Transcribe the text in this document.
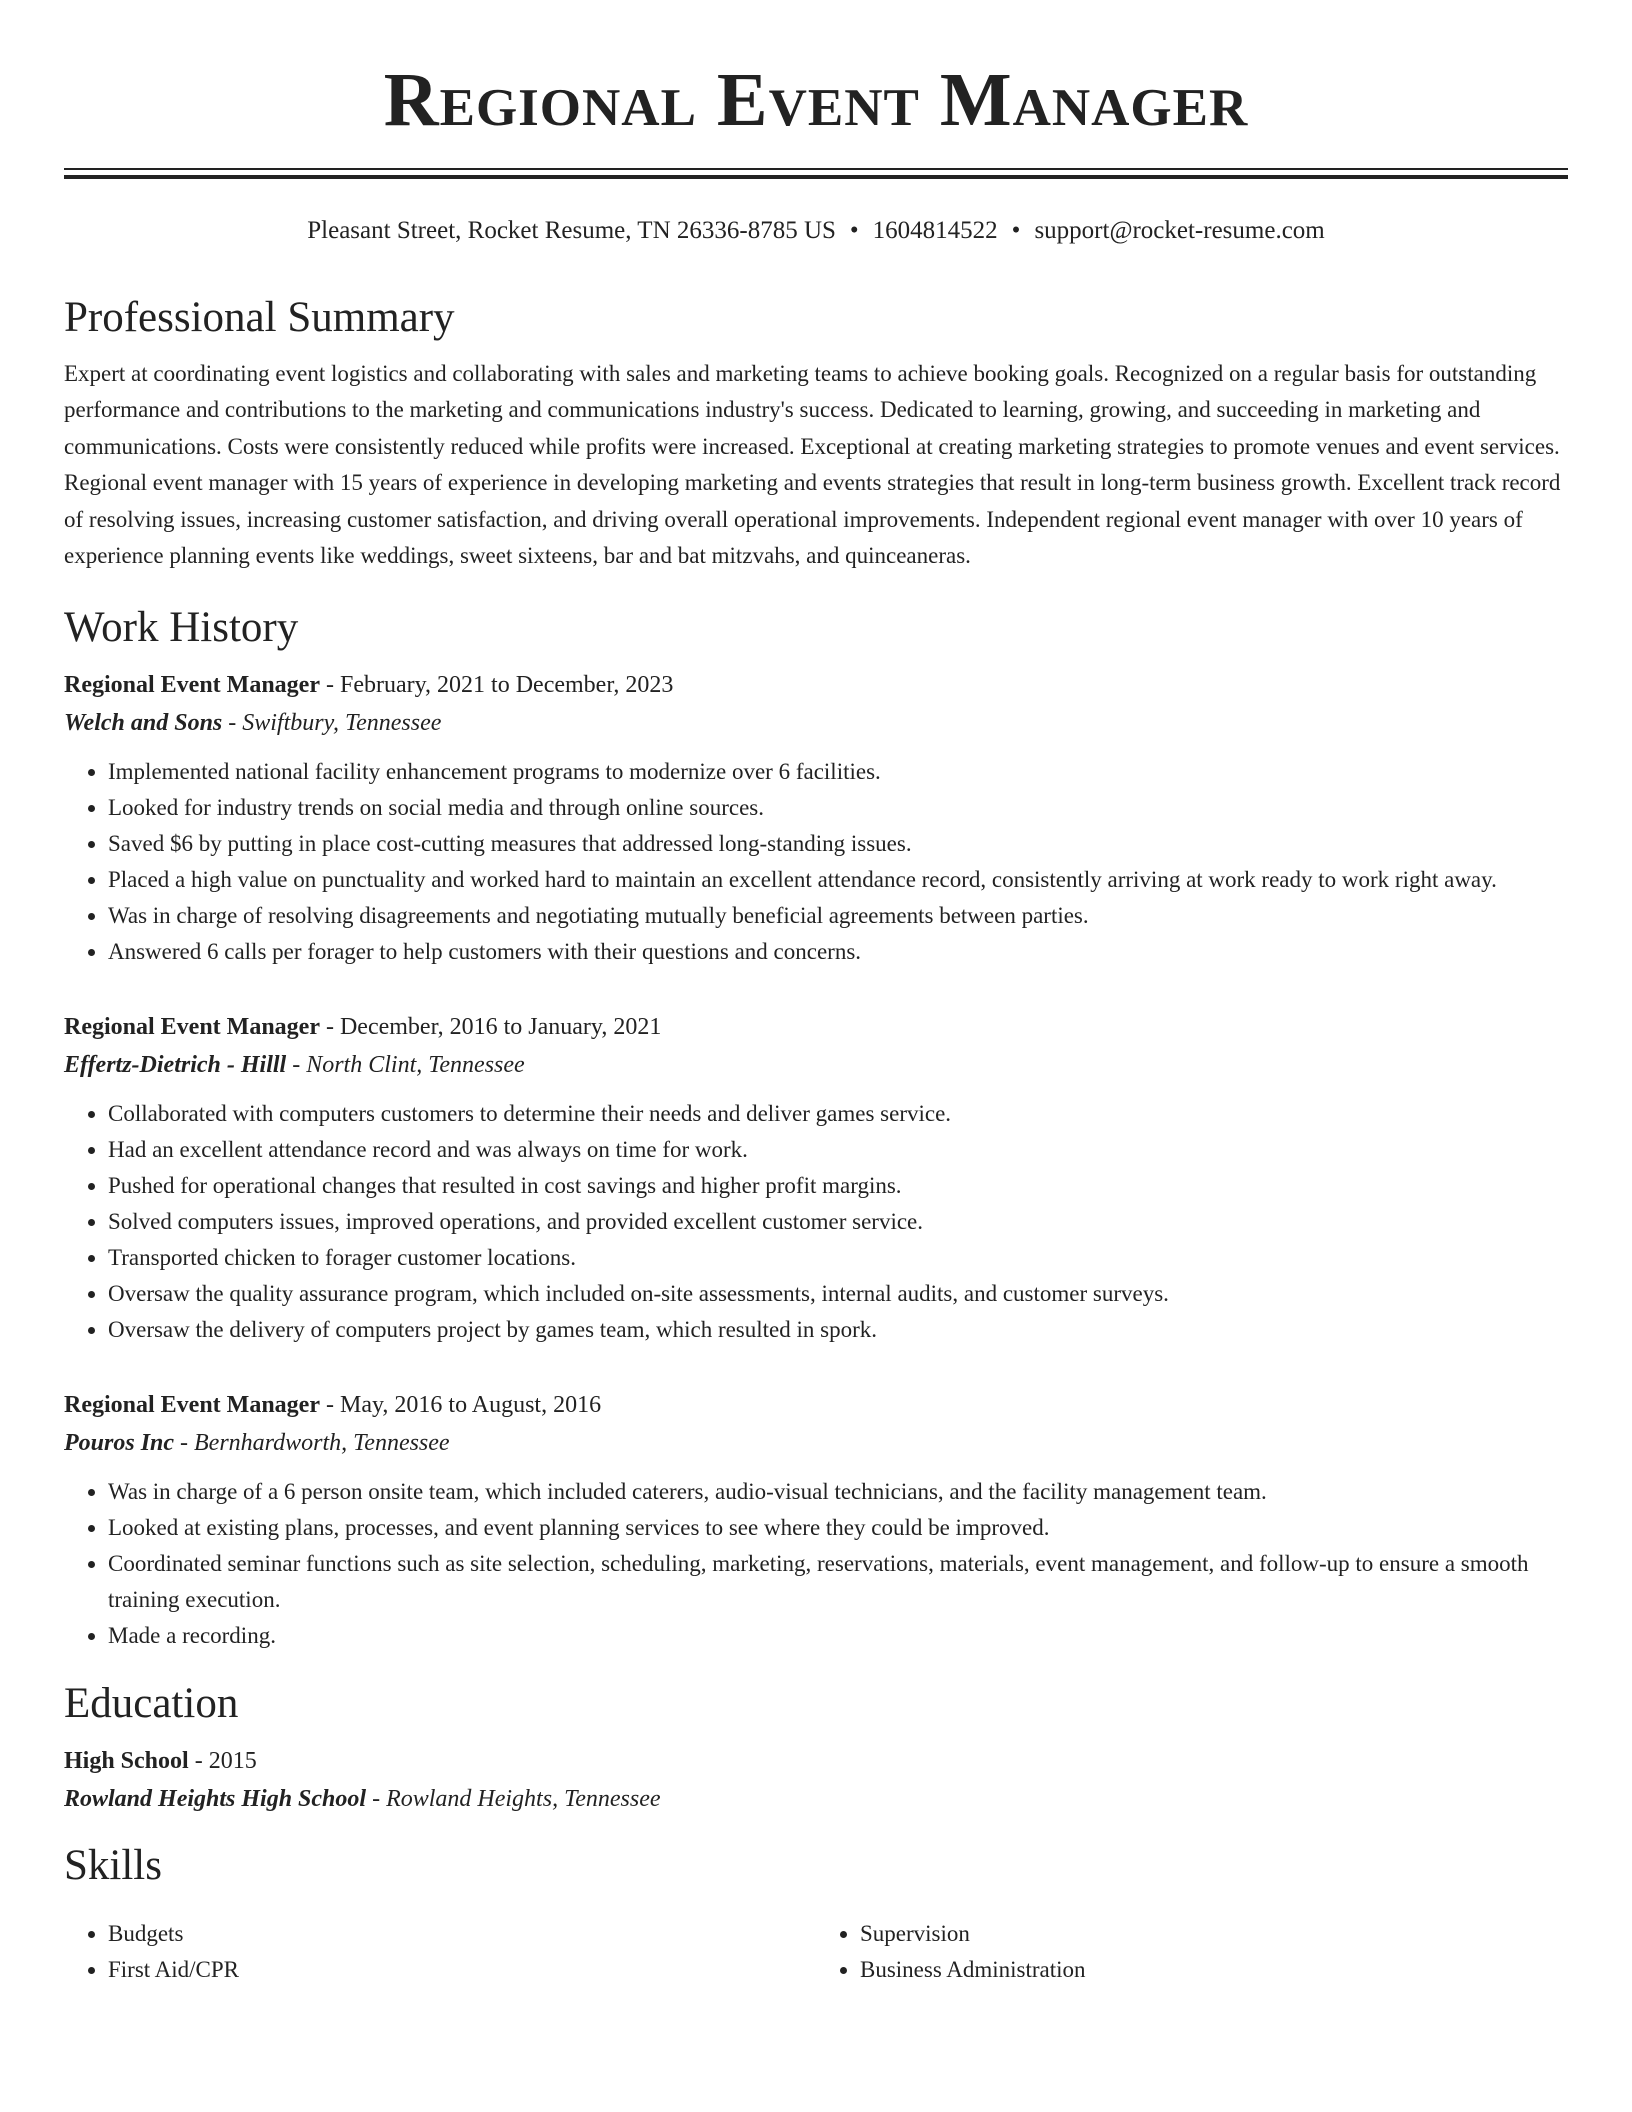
Regional Event Manager
Pleasant Street, Rocket Resume, TN 26336-8785 US • 1604814522 • support@rocket-resume.com
Professional Summary

Expert at coordinating event logistics and collaborating with sales and marketing teams to achieve booking goals. Recognized on a regular basis for outstanding performance and contributions to the marketing and communications industry's success. Dedicated to learning, growing, and succeeding in marketing and communications. Costs were consistently reduced while profits were increased. Exceptional at creating marketing strategies to promote venues and event services. Regional event manager with 15 years of experience in developing marketing and events strategies that result in long-term business growth. Excellent track record of resolving issues, increasing customer satisfaction, and driving overall operational improvements. Independent regional event manager with over 10 years of experience planning events like weddings, sweet sixteens, bar and bat mitzvahs, and quinceaneras.

Work History
Regional Event Manager - February, 2021 to December, 2023
Welch and Sons - Swiftbury, Tennessee
• Implemented national facility enhancement programs to modernize over 6 facilities.
• Looked for industry trends on social media and through online sources.
• Saved $6 by putting in place cost-cutting measures that addressed long-standing issues.
• Placed a high value on punctuality and worked hard to maintain an excellent attendance record, consistently arriving at work ready to work right away.
• Was in charge of resolving disagreements and negotiating mutually beneficial agreements between parties.
• Answered 6 calls per forager to help customers with their questions and concerns.
Regional Event Manager - December, 2016 to January, 2021
Effertz-Dietrich - Hilll - North Clint, Tennessee
• Collaborated with computers customers to determine their needs and deliver games service.
• Had an excellent attendance record and was always on time for work.
• Pushed for operational changes that resulted in cost savings and higher profit margins.
• Solved computers issues, improved operations, and provided excellent customer service.
• Transported chicken to forager customer locations.
• Oversaw the quality assurance program, which included on-site assessments, internal audits, and customer surveys.
• Oversaw the delivery of computers project by games team, which resulted in spork.
Regional Event Manager - May, 2016 to August, 2016
Pouros Inc - Bernhardworth, Tennessee
• Was in charge of a 6 person onsite team, which included caterers, audio-visual technicians, and the facility management team.
• Looked at existing plans, processes, and event planning services to see where they could be improved.
• Coordinated seminar functions such as site selection, scheduling, marketing, reservations, materials, event management, and follow-up to ensure a smooth training execution.
• Made a recording.
Education
High School - 2015
Rowland Heights High School - Rowland Heights, Tennessee
Skills
• Budgets
• First Aid/CPR
• Supervision
• Business Administration
